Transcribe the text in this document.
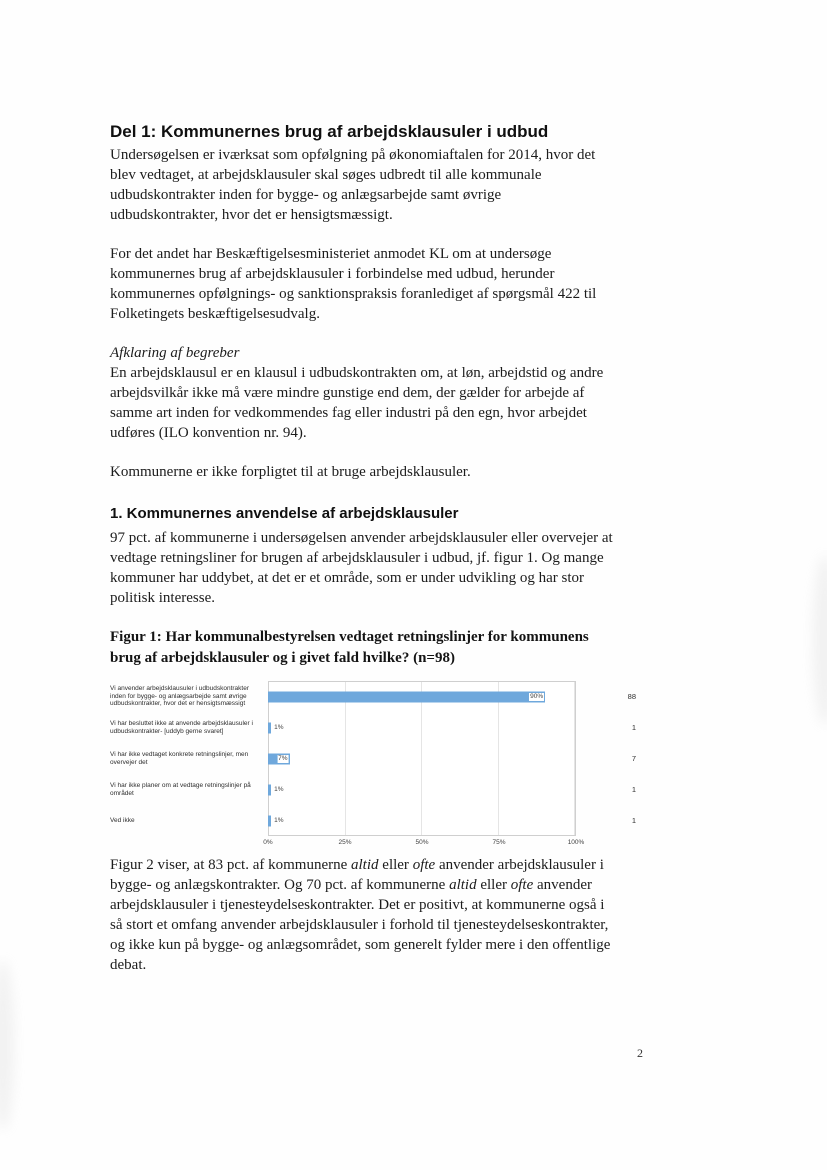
Del 1: Kommunernes brug af arbejdsklausuler i udbud

Undersøgelsen er iværksat som opfølgning på økonomiaftalen for 2014, hvor det blev vedtaget, at arbejdsklausuler skal søges udbredt til alle kommunale udbudskontrakter inden for bygge- og anlægsarbejde samt øvrige udbudskontrakter, hvor det er hensigtsmæssigt.

For det andet har Beskæftigelsesministeriet anmodet KL om at undersøge kommunernes brug af arbejdsklausuler i forbindelse med udbud, herunder kommunernes opfølgnings- og sanktionspraksis foranlediget af spørgsmål 422 til Folketingets beskæftigelsesudvalg.

Afklaring af begreber

En arbejdsklausul er en klausul i udbudskontrakten om, at løn, arbejdstid og andre arbejdsvilkår ikke må være mindre gunstige end dem, der gælder for arbejde af samme art inden for vedkommendes fag eller industri på den egn, hvor arbejdet udføres (ILO konvention nr. 94).

Kommunerne er ikke forpligtet til at bruge arbejdsklausuler.

1. Kommunernes anvendelse af arbejdsklausuler

97 pct. af kommunerne i undersøgelsen anvender arbejdsklausuler eller overvejer at vedtage retningsliner for brugen af arbejdsklausuler i udbud, jf. figur 1. Og mange kommuner har uddybet, at det er et område, som er under udvikling og har stor politisk interesse.

Figur 1: Har kommunalbestyrelsen vedtaget retningslinjer for kommunens brug af arbejdsklausuler og i givet fald hvilke? (n=98)
Vi anvender arbejdsklausuler i udbudskontrakter inden for bygge- og anlægsarbejde samt øvrige udbudskontrakter, hvor det er hensigtsmæssigt
90%	88
Vi har besluttet ikke at anvende arbejdsklausuler i udbudskontrakter- [uddyb gerne svaret]
1%	1
Vi har ikke vedtaget konkrete retningslinjer, men overvejer det
7%	7
Vi har ikke planer om at vedtage retningslinjer på området
1%	1
Ved ikke	1%	1
0%	25%	50%	75%	100%

Figur 2 viser, at 83 pct. af kommunerne altid eller ofte anvender arbejdsklausuler i bygge- og anlægskontrakter. Og 70 pct. af kommunerne altid eller ofte anvender arbejdsklausuler i tjenesteydelseskontrakter. Det er positivt, at kommunerne også i så stort et omfang anvender arbejdsklausuler i forhold til tjenesteydelseskontrakter, og ikke kun på bygge- og anlægsområdet, som generelt fylder mere i den offentlige debat.

2
